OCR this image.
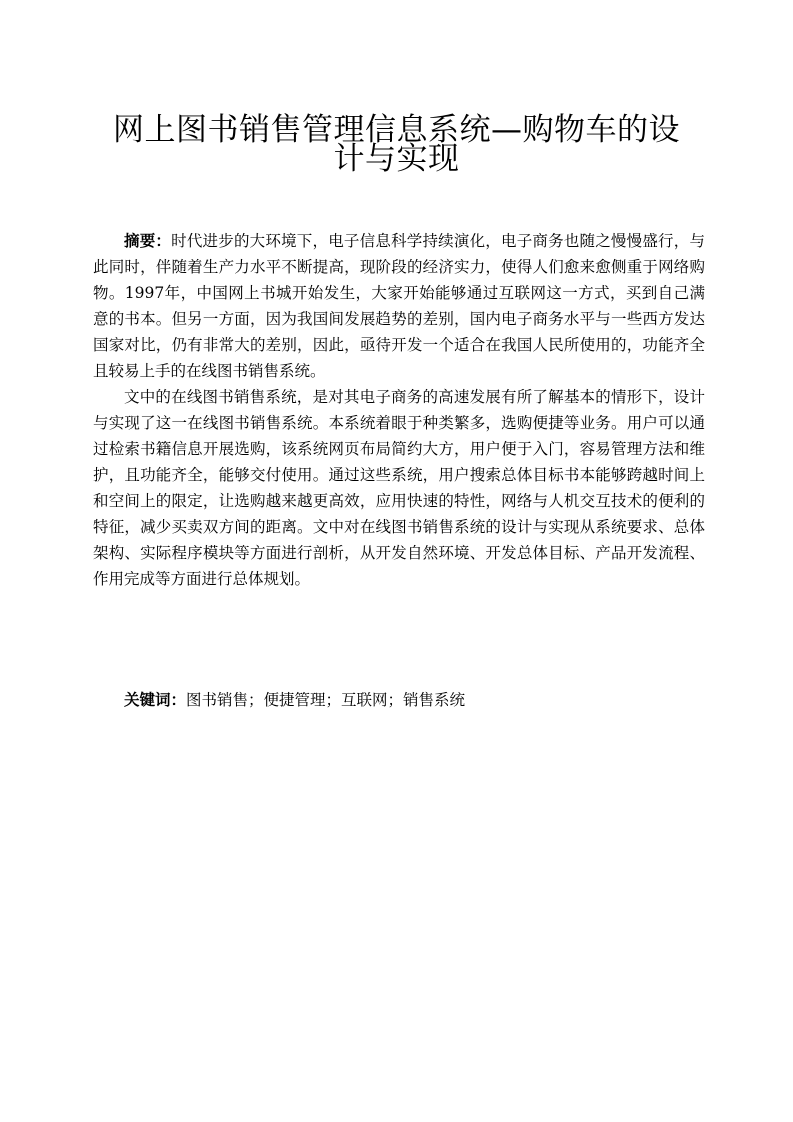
网上图书销售管理信息系统—购物车的设计与实现

摘要：时代进步的大环境下，电子信息科学持续演化，电子商务也随之慢慢盛行，与此同时，伴随着生产力水平不断提高，现阶段的经济实力，使得人们愈来愈侧重于网络购物。1997年，中国网上书城开始发生，大家开始能够通过互联网这一方式，买到自己满意的书本。但另一方面，因为我国间发展趋势的差别，国内电子商务水平与一些西方发达国家对比，仍有非常大的差别，因此，亟待开发一个适合在我国人民所使用的，功能齐全且较易上手的在线图书销售系统。

文中的在线图书销售系统，是对其电子商务的高速发展有所了解基本的情形下，设计与实现了这一在线图书销售系统。本系统着眼于种类繁多，选购便捷等业务。用户可以通过检索书籍信息开展选购，该系统网页布局简约大方，用户便于入门，容易管理方法和维护，且功能齐全，能够交付使用。通过这些系统，用户搜索总体目标书本能够跨越时间上和空间上的限定，让选购越来越更高效，应用快速的特性，网络与人机交互技术的便利的特征，减少买卖双方间的距离。文中对在线图书销售系统的设计与实现从系统要求、总体架构、实际程序模块等方面进行剖析，从开发自然环境、开发总体目标、产品开发流程、作用完成等方面进行总体规划。

关键词：图书销售；便捷管理；互联网；销售系统
